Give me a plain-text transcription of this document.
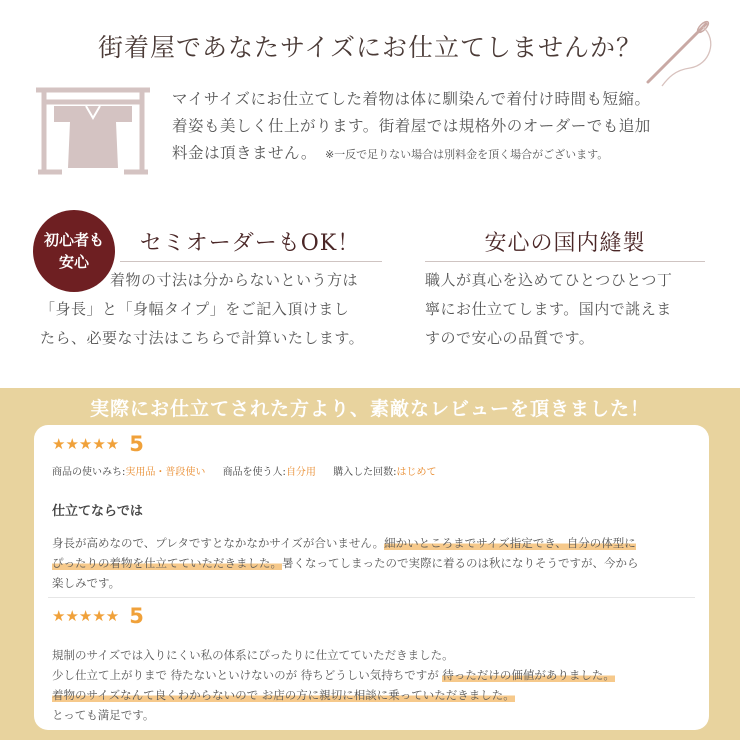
街着屋であなたサイズにお仕立てしませんか？
マイサイズにお仕立てした着物は体に馴染んで着付け時間も短縮。
着姿も美しく仕上がります。街着屋では規格外のオーダーでも追加
料金は頂きません。 ※一反で足りない場合は別料金を頂く場合がございます。
初心者も
安心
セミオーダーもOK！
着物の寸法は分からないという方は
「身長」と「身幅タイプ」をご記入頂けまし
たら、必要な寸法はこちらで計算いたします。
安心の国内縫製
職人が真心を込めてひとつひとつ丁
寧にお仕立てします。国内で誂えま
すので安心の品質です。
実際にお仕立てされた方より、素敵なレビューを頂きました！
★★★★★ 5
商品の使いみち:実用品・普段使い 商品を使う人:自分用 購入した回数:はじめて
仕立てならでは
身長が高めなので、プレタですとなかなかサイズが合いません。細かいところまでサイズ指定でき、自分の体型に
ぴったりの着物を仕立てていただきました。暑くなってしまったので実際に着るのは秋になりそうですが、今から
楽しみです。
★★★★★ 5
規制のサイズでは入りにくい私の体系にぴったりに仕立てていただきました。
少し仕立て上がりまで 待たないといけないのが 待ちどうしい気持ちですが 待っただけの価値がありました。
着物のサイズなんて良くわからないので お店の方に親切に相談に乗っていただきました。
とっても満足です。
